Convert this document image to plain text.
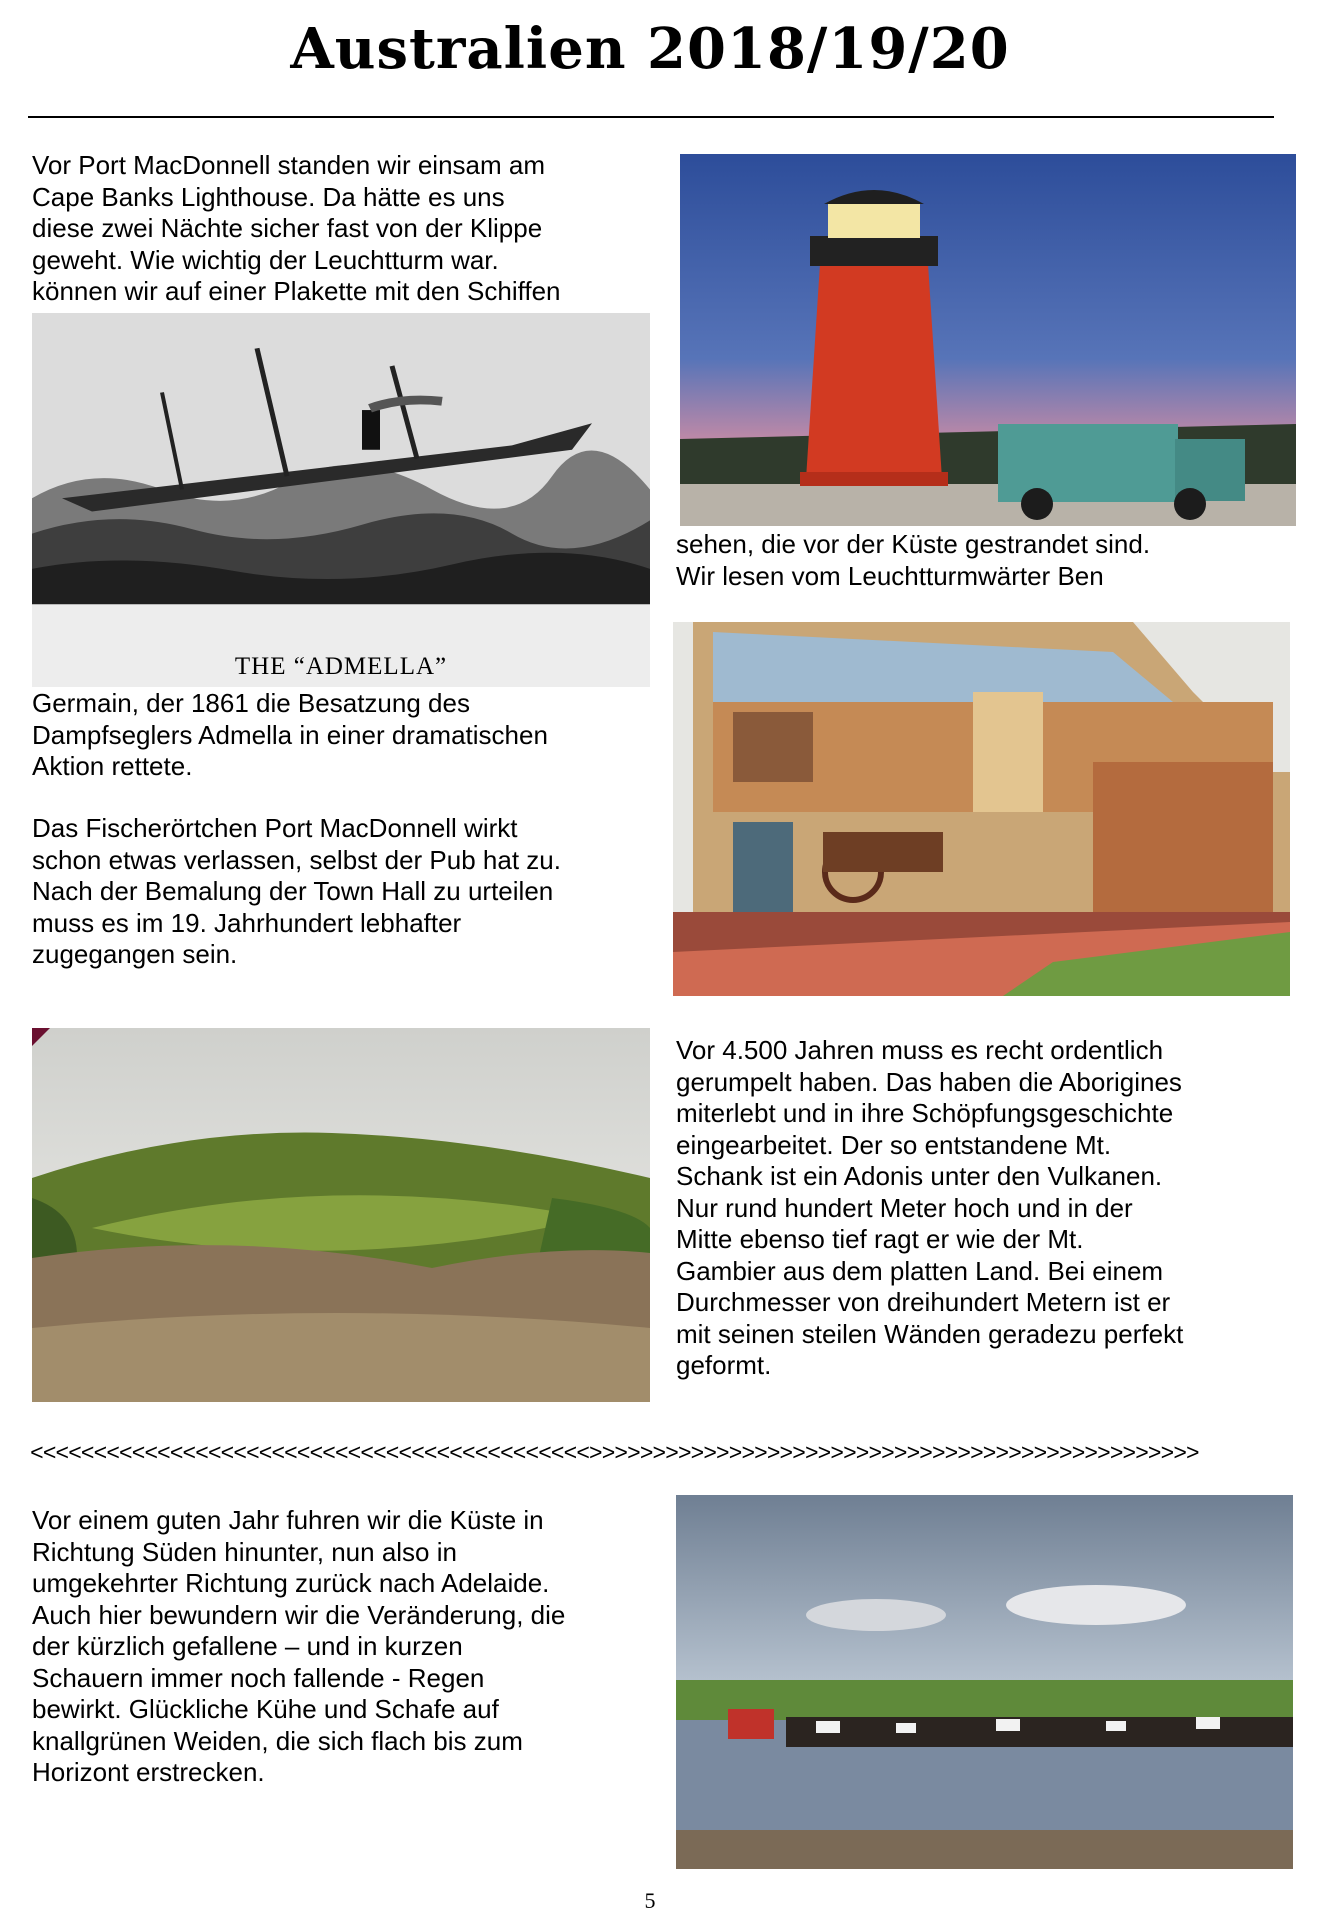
Australien 2018/19/20
Vor Port MacDonnell standen wir einsam am
Cape Banks Lighthouse. Da hätte es uns
diese zwei Nächte sicher fast von der Klippe
geweht. Wie wichtig der Leuchtturm war.
können wir auf einer Plakette mit den Schiffen
THE “ADMELLA”
sehen, die vor der Küste gestrandet sind.
Wir lesen vom Leuchtturmwärter Ben
Germain, der 1861 die Besatzung des
Dampfseglers Admella in einer dramatischen
Aktion rettete.
Das Fischerörtchen Port MacDonnell wirkt
schon etwas verlassen, selbst der Pub hat zu.
Nach der Bemalung der Town Hall zu urteilen
muss es im 19. Jahrhundert lebhafter
zugegangen sein.
Vor 4.500 Jahren muss es recht ordentlich
gerumpelt haben. Das haben die Aborigines
miterlebt und in ihre Schöpfungsgeschichte
eingearbeitet. Der so entstandene Mt.
Schank ist ein Adonis unter den Vulkanen.
Nur rund hundert Meter hoch und in der
Mitte ebenso tief ragt er wie der Mt.
Gambier aus dem platten Land. Bei einem
Durchmesser von dreihundert Metern ist er
mit seinen steilen Wänden geradezu perfekt
geformt.
<<<<<<<<<<<<<<<<<<<<<<<<<<<<<<<<<<<<<<<<<<<<>>>>>>>>>>>>>>>>>>>>>>>>>>>>>>>>>>>>>>>>>>>>>>>>
Vor einem guten Jahr fuhren wir die Küste in
Richtung Süden hinunter, nun also in
umgekehrter Richtung zurück nach Adelaide.
Auch hier bewundern wir die Veränderung, die
der kürzlich gefallene – und in kurzen
Schauern immer noch fallende - Regen
bewirkt. Glückliche Kühe und Schafe auf
knallgrünen Weiden, die sich flach bis zum
Horizont erstrecken.
5
